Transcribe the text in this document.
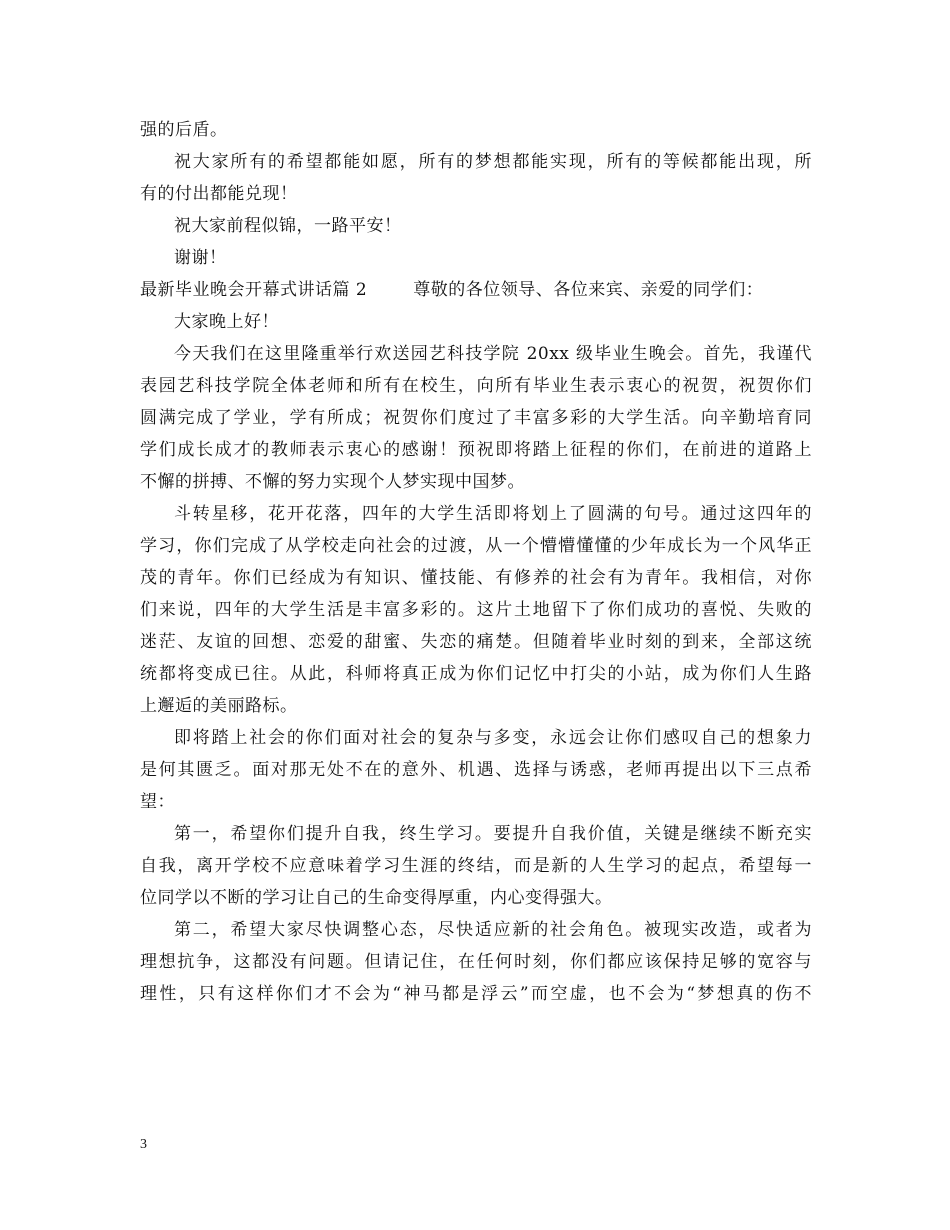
强的后盾。
祝大家所有的希望都能如愿，所有的梦想都能实现，所有的等候都能出现，所
有的付出都能兑现！
祝大家前程似锦，一路平安！
谢谢！
最新毕业晚会开幕式讲话篇 2	尊敬的各位领导、各位来宾、亲爱的同学们：
大家晚上好！
今天我们在这里隆重举行欢送园艺科技学院 20xx 级毕业生晚会。首先，我谨代
表园艺科技学院全体老师和所有在校生，向所有毕业生表示衷心的祝贺，祝贺你们
圆满完成了学业，学有所成；祝贺你们度过了丰富多彩的大学生活。向辛勤培育同
学们成长成才的教师表示衷心的感谢！预祝即将踏上征程的你们，在前进的道路上
不懈的拼搏、不懈的努力实现个人梦实现中国梦。
斗转星移，花开花落，四年的大学生活即将划上了圆满的句号。通过这四年的
学习，你们完成了从学校走向社会的过渡，从一个懵懵懂懂的少年成长为一个风华正
茂的青年。你们已经成为有知识、懂技能、有修养的社会有为青年。我相信，对你
们来说，四年的大学生活是丰富多彩的。这片土地留下了你们成功的喜悦、失败的
迷茫、友谊的回想、恋爱的甜蜜、失恋的痛楚。但随着毕业时刻的到来，全部这统
统都将变成已往。从此，科师将真正成为你们记忆中打尖的小站，成为你们人生路
上邂逅的美丽路标。
即将踏上社会的你们面对社会的复杂与多变，永远会让你们感叹自己的想象力
是何其匮乏。面对那无处不在的意外、机遇、选择与诱惑，老师再提出以下三点希
望：
第一，希望你们提升自我，终生学习。要提升自我价值，关键是继续不断充实
自我，离开学校不应意味着学习生涯的终结，而是新的人生学习的起点，希望每一
位同学以不断的学习让自己的生命变得厚重，内心变得强大。
第二，希望大家尽快调整心态，尽快适应新的社会角色。被现实改造，或者为
理想抗争，这都没有问题。但请记住，在任何时刻，你们都应该保持足够的宽容与
理性，只有这样你们才不会为“神马都是浮云”而空虚，也不会为“梦想真的伤不
3
